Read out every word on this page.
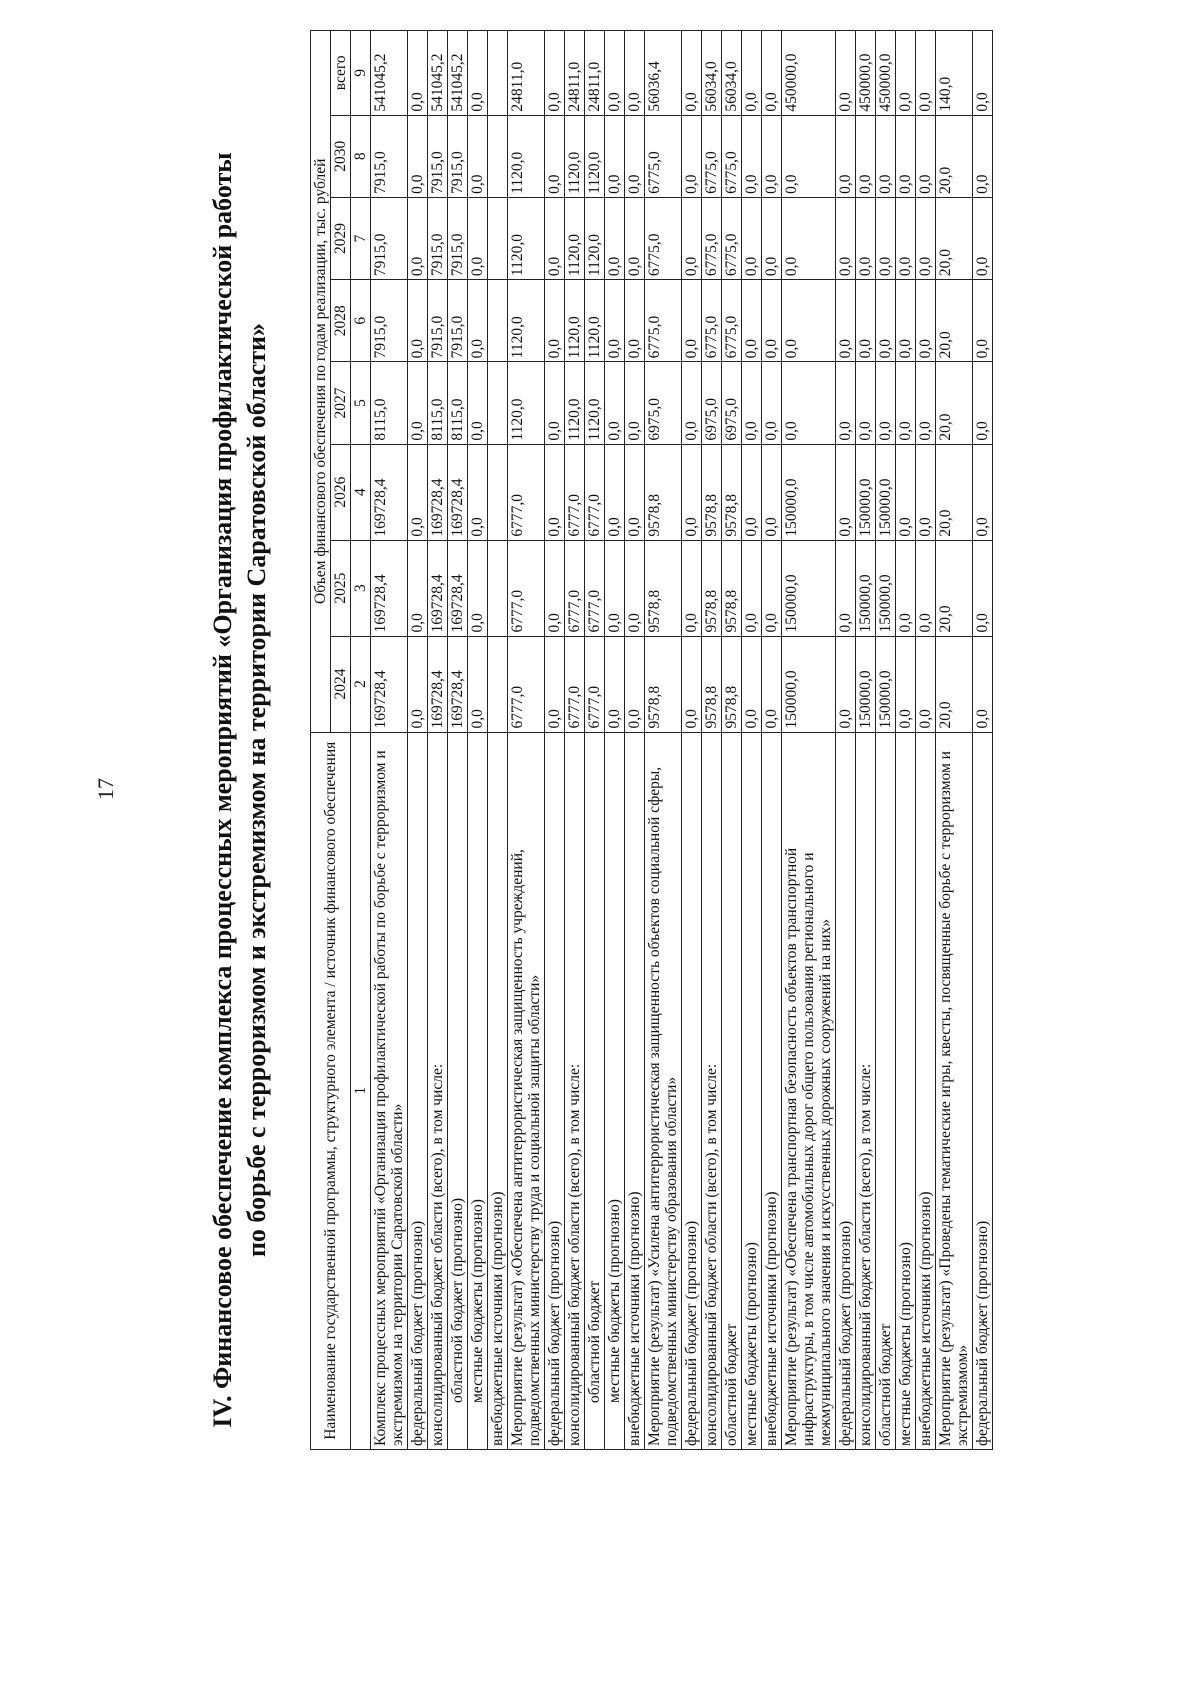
17	IV. Финансовое обеспечение комплекса процессных мероприятий «Организация профилактической работы по борьбе с терроризмом и экстремизмом на территории Саратовской области»	Наименование государственной программы, структурного элемента / источник финансового обеспечения	Объем финансового обеспечения по годам реализации, тыс. рублей							
	2024	2025	2026	2027	2028	2029	2030	всего
1	2	3	4	5	6	7	8	9
Комплекс процессных мероприятий «Организация профилактической работы по борьбе с терроризмом и экстремизмом на территории Саратовской области»	169728,4	169728,4	169728,4	8115,0	7915,0	7915,0	7915,0	541045,2
федеральный бюджет (прогнозно)	0,0	0,0	0,0	0,0	0,0	0,0	0,0	0,0
консолидированный бюджет области (всего), в том числе:	169728,4	169728,4	169728,4	8115,0	7915,0	7915,0	7915,0	541045,2
областной бюджет (прогнозно)	169728,4	169728,4	169728,4	8115,0	7915,0	7915,0	7915,0	541045,2
местные бюджеты (прогнозно)	0,0	0,0	0,0	0,0	0,0	0,0	0,0	0,0
внебюджетные источники (прогнозно)								
Мероприятие (результат) «Обеспечена антитеррористическая защищенность учреждений, подведомственных министерству труда и социальной защиты области»	6777,0	6777,0	6777,0	1120,0	1120,0	1120,0	1120,0	24811,0
федеральный бюджет (прогнозно)	0,0	0,0	0,0	0,0	0,0	0,0	0,0	0,0
консолидированный бюджет области (всего), в том числе:	6777,0	6777,0	6777,0	1120,0	1120,0	1120,0	1120,0	24811,0
областной бюджет	6777,0	6777,0	6777,0	1120,0	1120,0	1120,0	1120,0	24811,0
местные бюджеты (прогнозно)	0,0	0,0	0,0	0,0	0,0	0,0	0,0	0,0
внебюджетные источники (прогнозно)	0,0	0,0	0,0	0,0	0,0	0,0	0,0	0,0
Мероприятие (результат) «Усилена антитеррористическая защищенность объектов социальной сферы, подведомственных министерству образования области»	9578,8	9578,8	9578,8	6975,0	6775,0	6775,0	6775,0	56036,4
федеральный бюджет (прогнозно)	0,0	0,0	0,0	0,0	0,0	0,0	0,0	0,0
консолидированный бюджет области (всего), в том числе:	9578,8	9578,8	9578,8	6975,0	6775,0	6775,0	6775,0	56034,0
областной бюджет	9578,8	9578,8	9578,8	6975,0	6775,0	6775,0	6775,0	56034,0
местные бюджеты (прогнозно)	0,0	0,0	0,0	0,0	0,0	0,0	0,0	0,0
внебюджетные источники (прогнозно)	0,0	0,0	0,0	0,0	0,0	0,0	0,0	0,0
Мероприятие (результат) «Обеспечена транспортная безопасность объектов транспортной инфраструктуры, в том числе автомобильных дорог общего пользования регионального и межмуниципального значения и искусственных дорожных сооружений на них»	150000,0	150000,0	150000,0	0,0	0,0	0,0	0,0	450000,0
федеральный бюджет (прогнозно)	0,0	0,0	0,0	0,0	0,0	0,0	0,0	0,0
консолидированный бюджет области (всего), в том числе:	150000,0	150000,0	150000,0	0,0	0,0	0,0	0,0	450000,0
областной бюджет	150000,0	150000,0	150000,0	0,0	0,0	0,0	0,0	450000,0
местные бюджеты (прогнозно)	0,0	0,0	0,0	0,0	0,0	0,0	0,0	0,0
внебюджетные источники (прогнозно)	0,0	0,0	0,0	0,0	0,0	0,0	0,0	0,0
Мероприятие (результат) «Проведены тематические игры, квесты, посвященные борьбе с терроризмом и экстремизмом»	20,0	20,0	20,0	20,0	20,0	20,0	20,0	140,0
федеральный бюджет (прогнозно)	0,0	0,0	0,0	0,0	0,0	0,0	0,0	0,0
